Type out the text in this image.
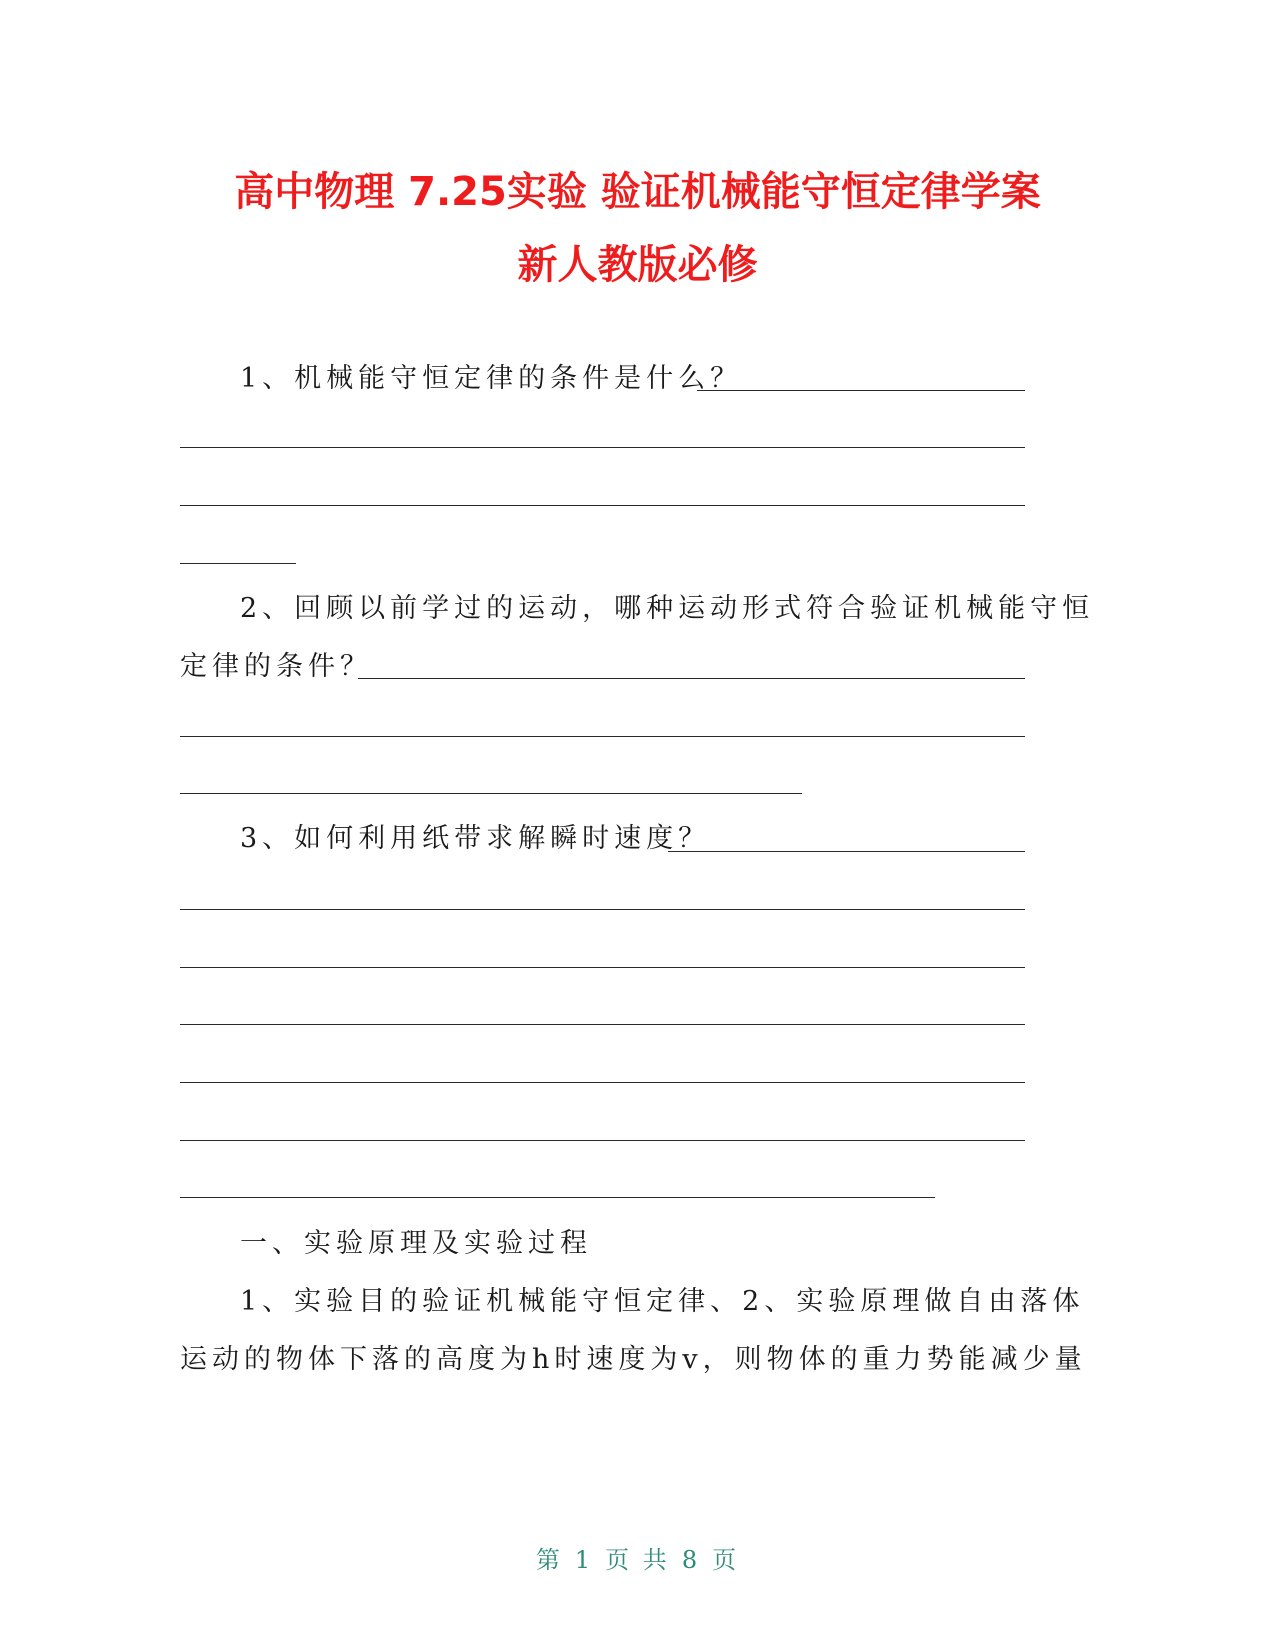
高中物理 7.25实验 验证机械能守恒定律学案
新人教版必修
1、机械能守恒定律的条件是什么？
2、回顾以前学过的运动，哪种运动形式符合验证机械能守恒
定律的条件？
3、如何利用纸带求解瞬时速度？
一、实验原理及实验过程
1、实验目的验证机械能守恒定律、2、实验原理做自由落体
运动的物体下落的高度为h时速度为v，则物体的重力势能减少量
第 1 页 共 8 页
